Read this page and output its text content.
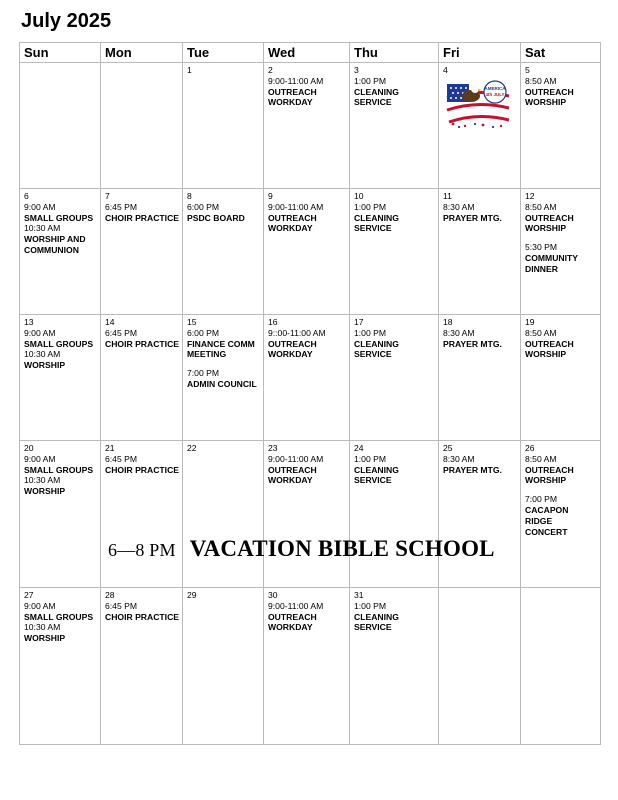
July 2025
Sun	Mon	Tue	Wed	Thu	Fri	Sat

		1	2
9:00-11:00 AM
OUTREACH WORKDAY	3
1:00 PM
CLEANING SERVICE	4
AMERICA
4th JULY	5
8:50 AM
OUTREACH WORSHIP

6
9:00 AM
SMALL GROUPS
10:30 AM
WORSHIP AND COMMUNION	7
6:45 PM
CHOIR PRACTICE	8
6:00 PM
PSDC BOARD	9
9:00-11:00 AM
OUTREACH WORKDAY	10
1:00 PM
CLEANING SERVICE	11
8:30 AM
PRAYER MTG.	12
8:50 AM
OUTREACH WORSHIP
5:30 PM
COMMUNITY DINNER

13
9:00 AM
SMALL GROUPS
10:30 AM
WORSHIP	14
6:45 PM
CHOIR PRACTICE	15
6:00 PM
FINANCE COMM MEETING
7:00 PM
ADMIN COUNCIL	16
9::00-11:00 AM
OUTREACH WORKDAY	17
1:00 PM
CLEANING SERVICE	18
8:30 AM
PRAYER MTG.	19
8:50 AM
OUTREACH WORSHIP

20
9:00 AM
SMALL GROUPS
10:30 AM
WORSHIP	21
6:45 PM
CHOIR PRACTICE	22	23
9:00-11:00 AM
OUTREACH WORKDAY	24
1:00 PM
CLEANING SERVICE	25
8:30 AM
PRAYER MTG.	26
8:50 AM
OUTREACH WORSHIP
7:00 PM
CACAPON RIDGE CONCERT

27
9:00 AM
SMALL GROUPS
10:30 AM
WORSHIP	28
6:45 PM
CHOIR PRACTICE	29	30
9:00-11:00 AM
OUTREACH WORKDAY	31
1:00 PM
CLEANING SERVICE		

6—8 PM VACATION BIBLE SCHOOL
